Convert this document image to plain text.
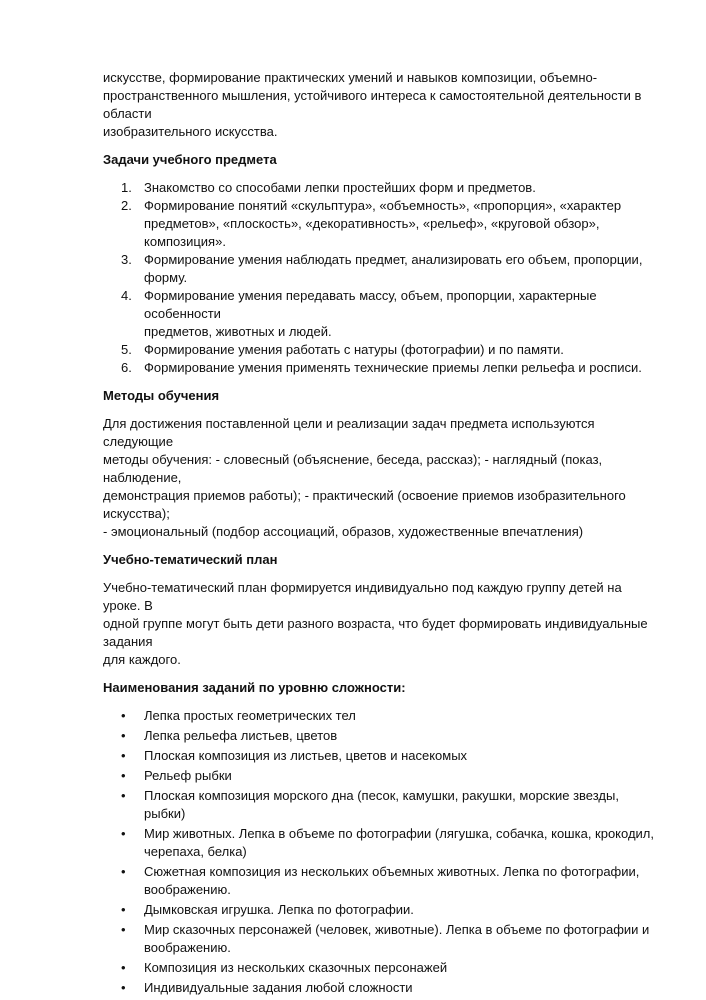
искусстве, формирование практических умений и навыков композиции, объемно-
пространственного мышления, устойчивого интереса к самостоятельной деятельности в области
изобразительного искусства.

Задачи учебного предмета

1. Знакомство со способами лепки простейших форм и предметов.
2. Формирование понятий «скульптура», «объемность», «пропорция», «характер
предметов», «плоскость», «декоративность», «рельеф», «круговой обзор», композиция».
3. Формирование умения наблюдать предмет, анализировать его объем, пропорции, форму.
4. Формирование умения передавать массу, объем, пропорции, характерные особенности
предметов, животных и людей.
5. Формирование умения работать с натуры (фотографии) и по памяти.
6. Формирование умения применять технические приемы лепки рельефа и росписи.

Методы обучения

Для достижения поставленной цели и реализации задач предмета используются следующие
методы обучения: - словесный (объяснение, беседа, рассказ); - наглядный (показ, наблюдение,
демонстрация приемов работы); - практический (освоение приемов изобразительного искусства);
- эмоциональный (подбор ассоциаций, образов, художественные впечатления)

Учебно-тематический план

Учебно-тематический план формируется индивидуально под каждую группу детей на уроке. В
одной группе могут быть дети разного возраста, что будет формировать индивидуальные задания
для каждого.

Наименования заданий по уровню сложности:

• Лепка простых геометрических тел
• Лепка рельефа листьев, цветов
• Плоская композиция из листьев, цветов и насекомых
• Рельеф рыбки
• Плоская композиция морского дна (песок, камушки, ракушки, морские звезды, рыбки)
• Мир животных. Лепка в объеме по фотографии (лягушка, собачка, кошка, крокодил,
черепаха, белка)
• Сюжетная композиция из нескольких объемных животных. Лепка по фотографии,
воображению.
• Дымковская игрушка. Лепка по фотографии.
• Мир сказочных персонажей (человек, животные). Лепка в объеме по фотографии и
воображению.
• Композиция из нескольких сказочных персонажей
• Индивидуальные задания любой сложности
